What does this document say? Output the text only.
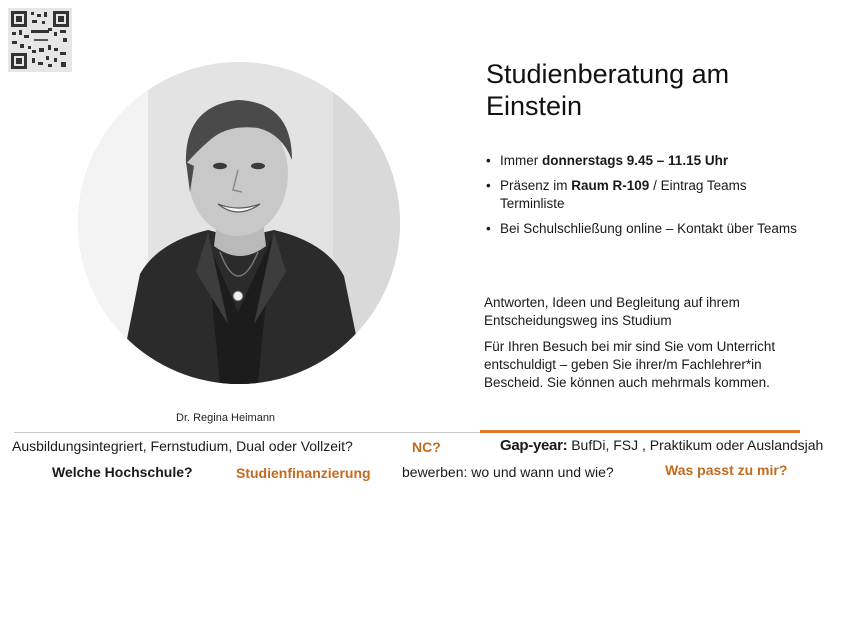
Dr. Regina Heimann
Studienberatung am Einstein
• Immer donnerstags 9.45 – 11.15 Uhr
• Präsenz im Raum R-109 / Eintrag Teams Terminliste
• Bei Schulschließung online – Kontakt über Teams
Antworten, Ideen und Begleitung auf ihrem Entscheidungsweg ins Studium
Für Ihren Besuch bei mir sind Sie vom Unterricht entschuldigt – geben Sie ihrer/m Fachlehrer*in Bescheid. Sie können auch mehrmals kommen.
Ausbildungsintegriert, Fernstudium, Dual oder Vollzeit?	NC?	Gap-year: BufDi, FSJ , Praktikum oder Auslandsjah
Welche Hochschule?	Studienfinanzierung bewerben: wo und wann und wie?	Was passt zu mir?
